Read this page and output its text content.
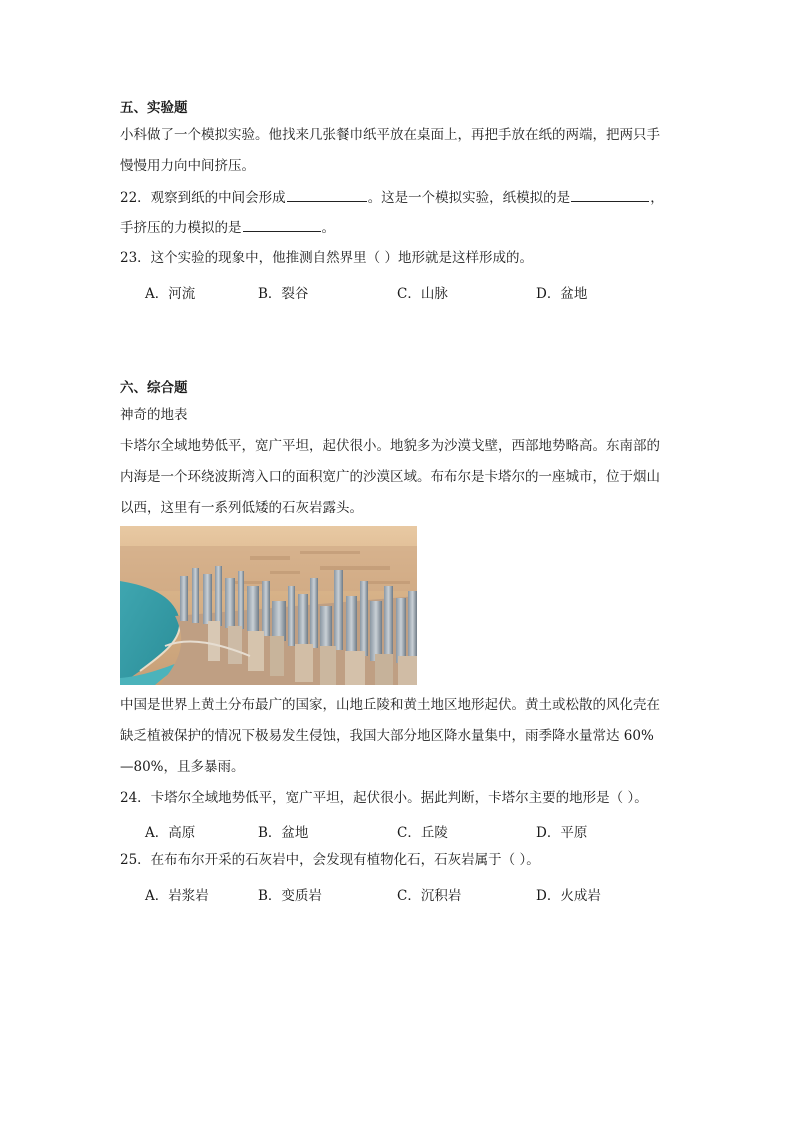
五、实验题
小科做了一个模拟实验。他找来几张餐巾纸平放在桌面上，再把手放在纸的两端，把两只手
慢慢用力向中间挤压。
22．观察到纸的中间会形成	。这是一个模拟实验，纸模拟的是	，
手挤压的力模拟的是	。
23．这个实验的现象中，他推测自然界里（ ）地形就是这样形成的。
A．河流	B．裂谷	C．山脉	D．盆地
六、综合题
神奇的地表
卡塔尔全域地势低平，宽广平坦，起伏很小。地貌多为沙漠戈壁，西部地势略高。东南部的
内海是一个环绕波斯湾入口的面积宽广的沙漠区域。布布尔是卡塔尔的一座城市，位于烟山
以西，这里有一系列低矮的石灰岩露头。
中国是世界上黄土分布最广的国家，山地丘陵和黄土地区地形起伏。黄土或松散的风化壳在
缺乏植被保护的情况下极易发生侵蚀，我国大部分地区降水量集中，雨季降水量常达 60%
—80%，且多暴雨。
24．卡塔尔全域地势低平，宽广平坦，起伏很小。据此判断，卡塔尔主要的地形是（ ）。
A．高原	B．盆地	C．丘陵	D．平原
25．在布布尔开采的石灰岩中，会发现有植物化石，石灰岩属于（ ）。
A．岩浆岩	B．变质岩	C．沉积岩	D．火成岩
